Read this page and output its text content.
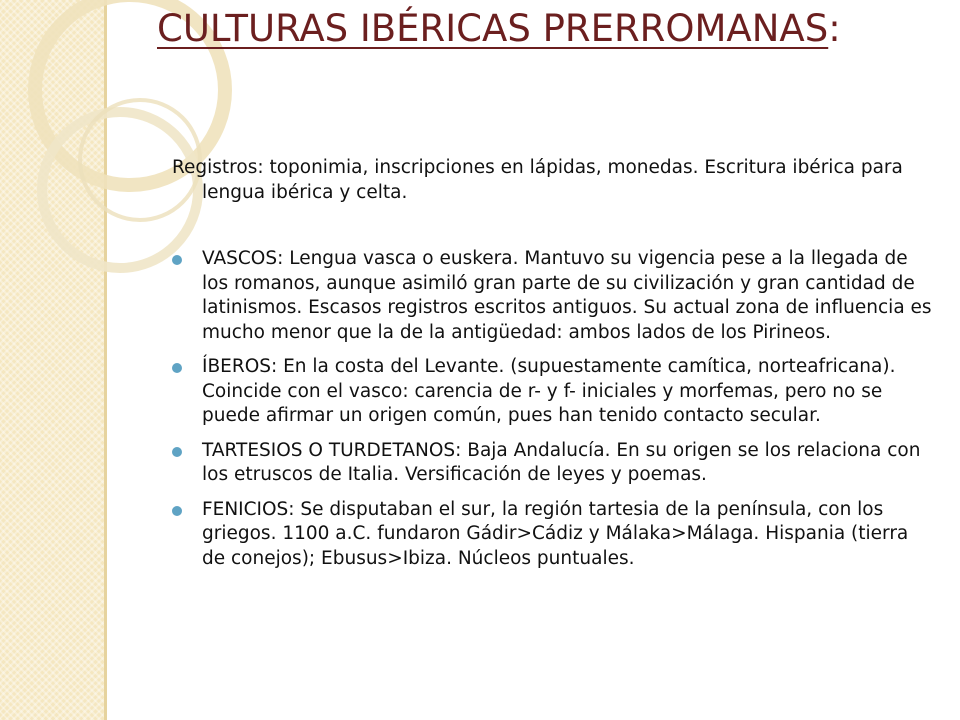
CULTURAS IBÉRICAS PRERROMANAS:

Registros: toponimia, inscripciones en lápidas, monedas. Escritura ibérica para lengua ibérica y celta.

VASCOS: Lengua vasca o euskera. Mantuvo su vigencia pese a la llegada de los romanos, aunque asimiló gran parte de su civilización y gran cantidad de latinismos. Escasos registros escritos antiguos. Su actual zona de influencia es mucho menor que la de la antigüedad: ambos lados de los Pirineos.
ÍBEROS: En la costa del Levante. (supuestamente camítica, norteafricana). Coincide con el vasco: carencia de r- y f- iniciales y morfemas, pero no se puede afirmar un origen común, pues han tenido contacto secular.
TARTESIOS O TURDETANOS: Baja Andalucía. En su origen se los relaciona con los etruscos de Italia. Versificación de leyes y poemas.
FENICIOS: Se disputaban el sur, la región tartesia de la península, con los griegos. 1100 a.C. fundaron Gádir>Cádiz y Málaka>Málaga. Hispania (tierra de conejos); Ebusus>Ibiza. Núcleos puntuales.
